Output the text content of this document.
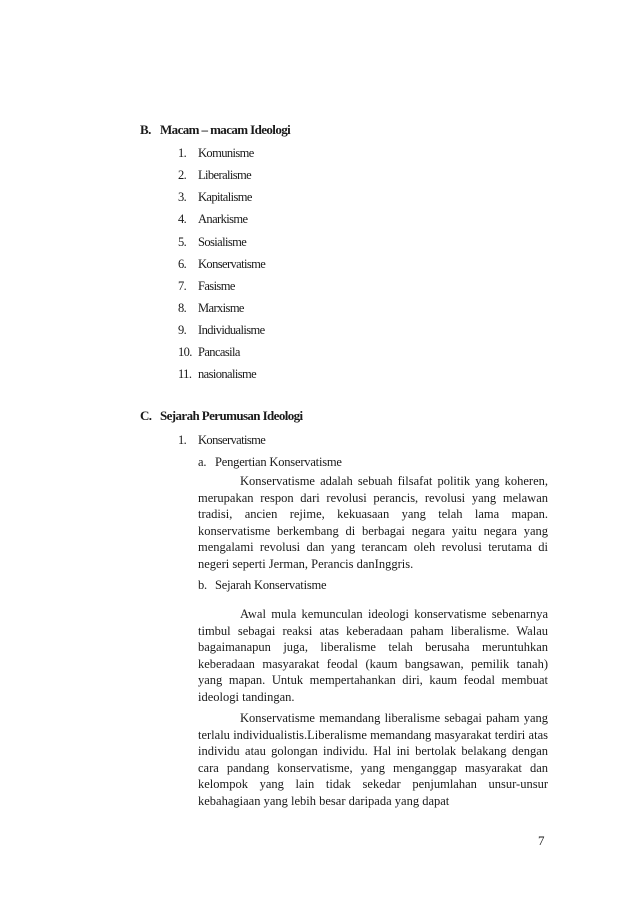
B. Macam – macam Ideologi
1. Komunisme
2. Liberalisme
3. Kapitalisme
4. Anarkisme
5. Sosialisme
6. Konservatisme
7. Fasisme
8. Marxisme
9. Individualisme
10. Pancasila
11. nasionalisme
C. Sejarah Perumusan Ideologi
1. Konservatisme
a. Pengertian Konservatisme

Konservatisme adalah sebuah filsafat politik yang koheren, merupakan respon dari revolusi perancis, revolusi yang melawan tradisi, ancien rejime, kekuasaan yang telah lama mapan. konservatisme berkembang di berbagai negara yaitu negara yang mengalami revolusi dan yang terancam oleh revolusi terutama di negeri seperti Jerman, Perancis danInggris.

b. Sejarah Konservatisme

Awal mula kemunculan ideologi konservatisme sebenarnya timbul sebagai reaksi atas keberadaan paham liberalisme. Walau bagaimanapun juga, liberalisme telah berusaha meruntuhkan keberadaan masyarakat feodal (kaum bangsawan, pemilik tanah) yang mapan. Untuk mempertahankan diri, kaum feodal membuat ideologi tandingan.

Konservatisme memandang liberalisme sebagai paham yang terlalu individualistis.Liberalisme memandang masyarakat terdiri atas individu atau golongan individu. Hal ini bertolak belakang dengan cara pandang konservatisme, yang menganggap masyarakat dan kelompok yang lain tidak sekedar penjumlahan unsur-unsur kebahagiaan yang lebih besar daripada yang dapat

7
